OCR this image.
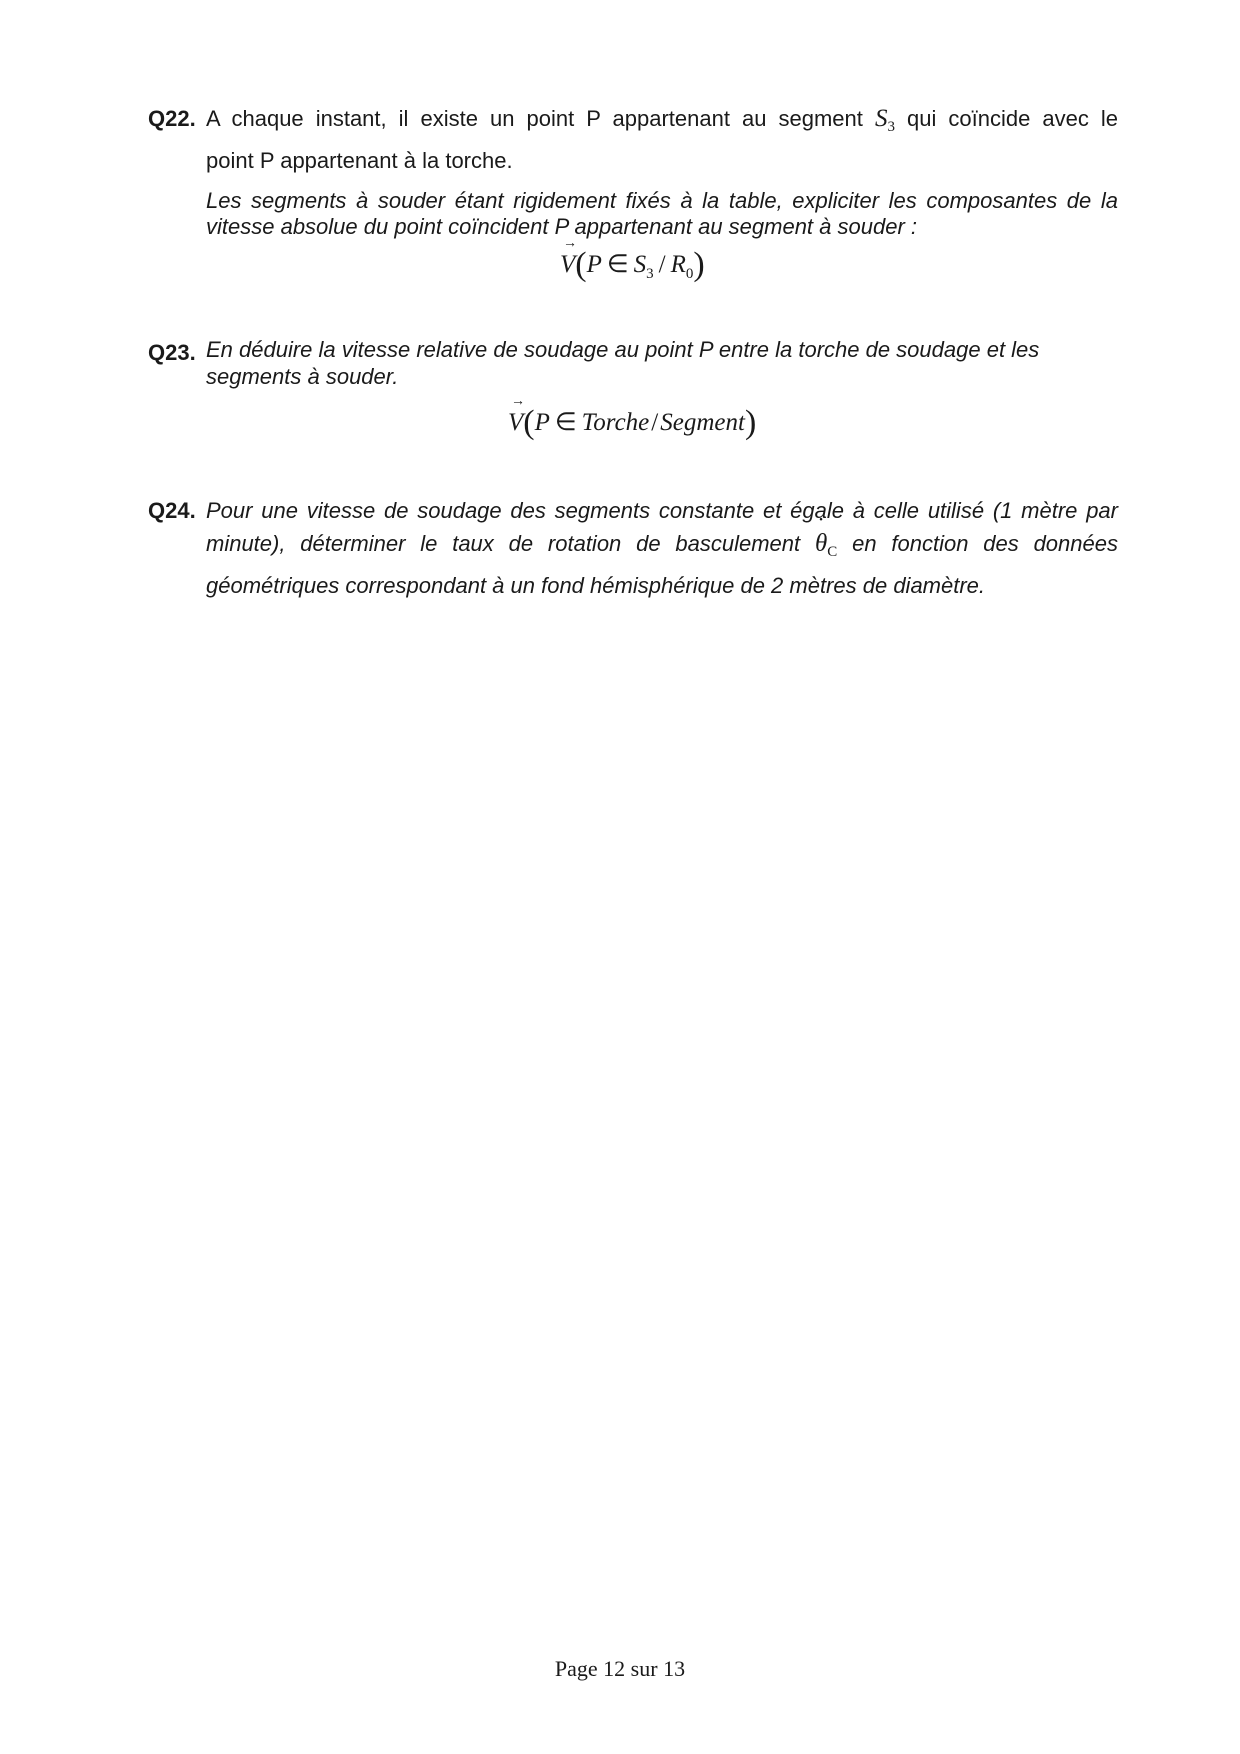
Q22. A chaque instant, il existe un point P appartenant au segment $S_3$ qui coïncide avec le
point P appartenant à la torche.
Les segments à souder étant rigidement fixés à la table, expliciter les composantes de la
vitesse absolue du point coïncident P appartenant au segment à souder :
→ V(P ∈ $S_3 / R_0$)
Q23. En déduire la vitesse relative de soudage au point P entre la torche de soudage et les
segments à souder.
→ V(P ∈ Torche/Segment)
Q24. Pour une vitesse de soudage des segments constante et égale à celle utilisé (1 mètre par
minute), déterminer le taux de rotation de basculement ˙ $\theta_C$ en fonction des données
géométriques correspondant à un fond hémisphérique de 2 mètres de diamètre.
Page 12 sur 13
